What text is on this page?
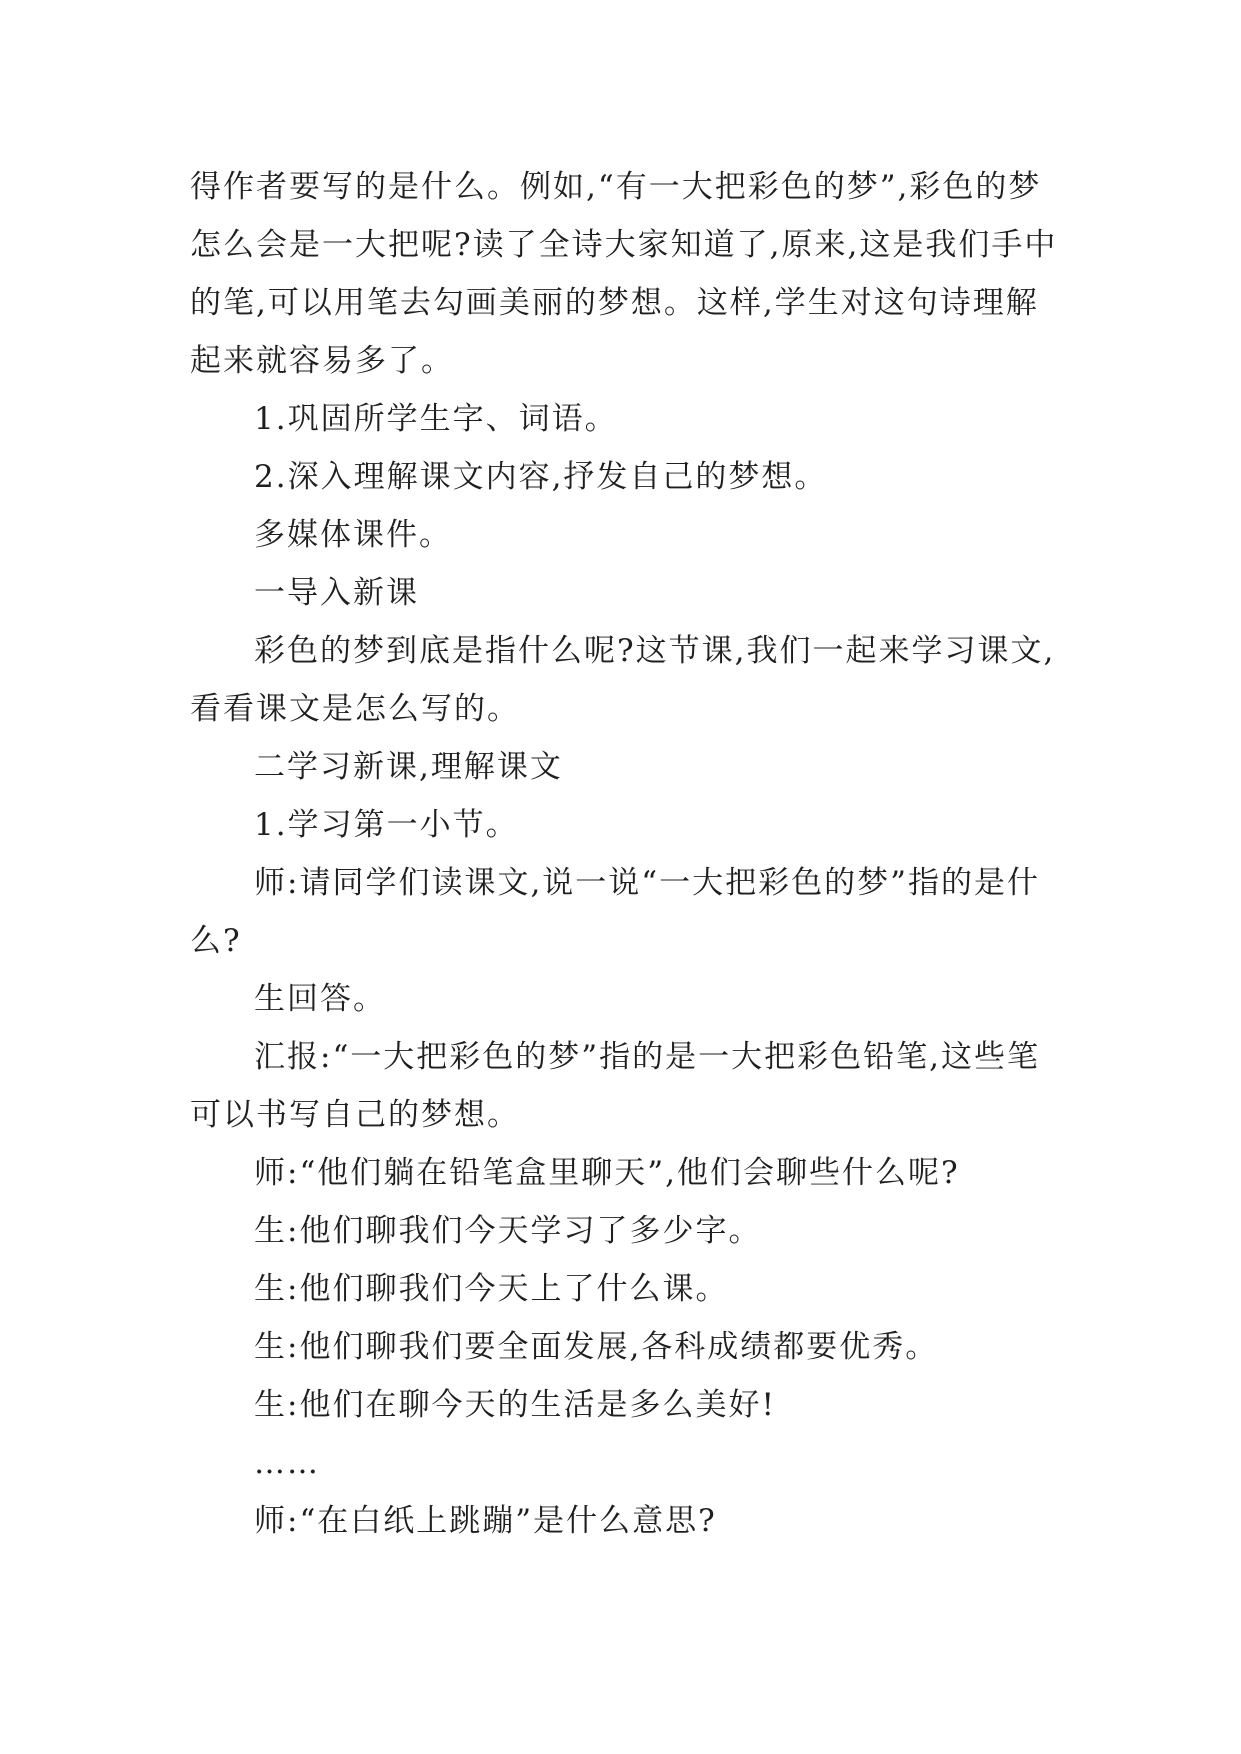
得作者要写的是什么。例如,“有一大把彩色的梦”,彩色的梦怎么会是一大把呢?读了全诗大家知道了,原来,这是我们手中的笔,可以用笔去勾画美丽的梦想。这样,学生对这句诗理解起来就容易多了。

1.巩固所学生字、词语。

2.深入理解课文内容,抒发自己的梦想。

多媒体课件。

一导入新课

彩色的梦到底是指什么呢?这节课,我们一起来学习课文,看看课文是怎么写的。

二学习新课,理解课文

1.学习第一小节。

师:请同学们读课文,说一说“一大把彩色的梦”指的是什么?

生回答。

汇报:“一大把彩色的梦”指的是一大把彩色铅笔,这些笔可以书写自己的梦想。

师:“他们躺在铅笔盒里聊天”,他们会聊些什么呢?

生:他们聊我们今天学习了多少字。

生:他们聊我们今天上了什么课。

生:他们聊我们要全面发展,各科成绩都要优秀。

生:他们在聊今天的生活是多么美好!

……

师:“在白纸上跳蹦”是什么意思?
